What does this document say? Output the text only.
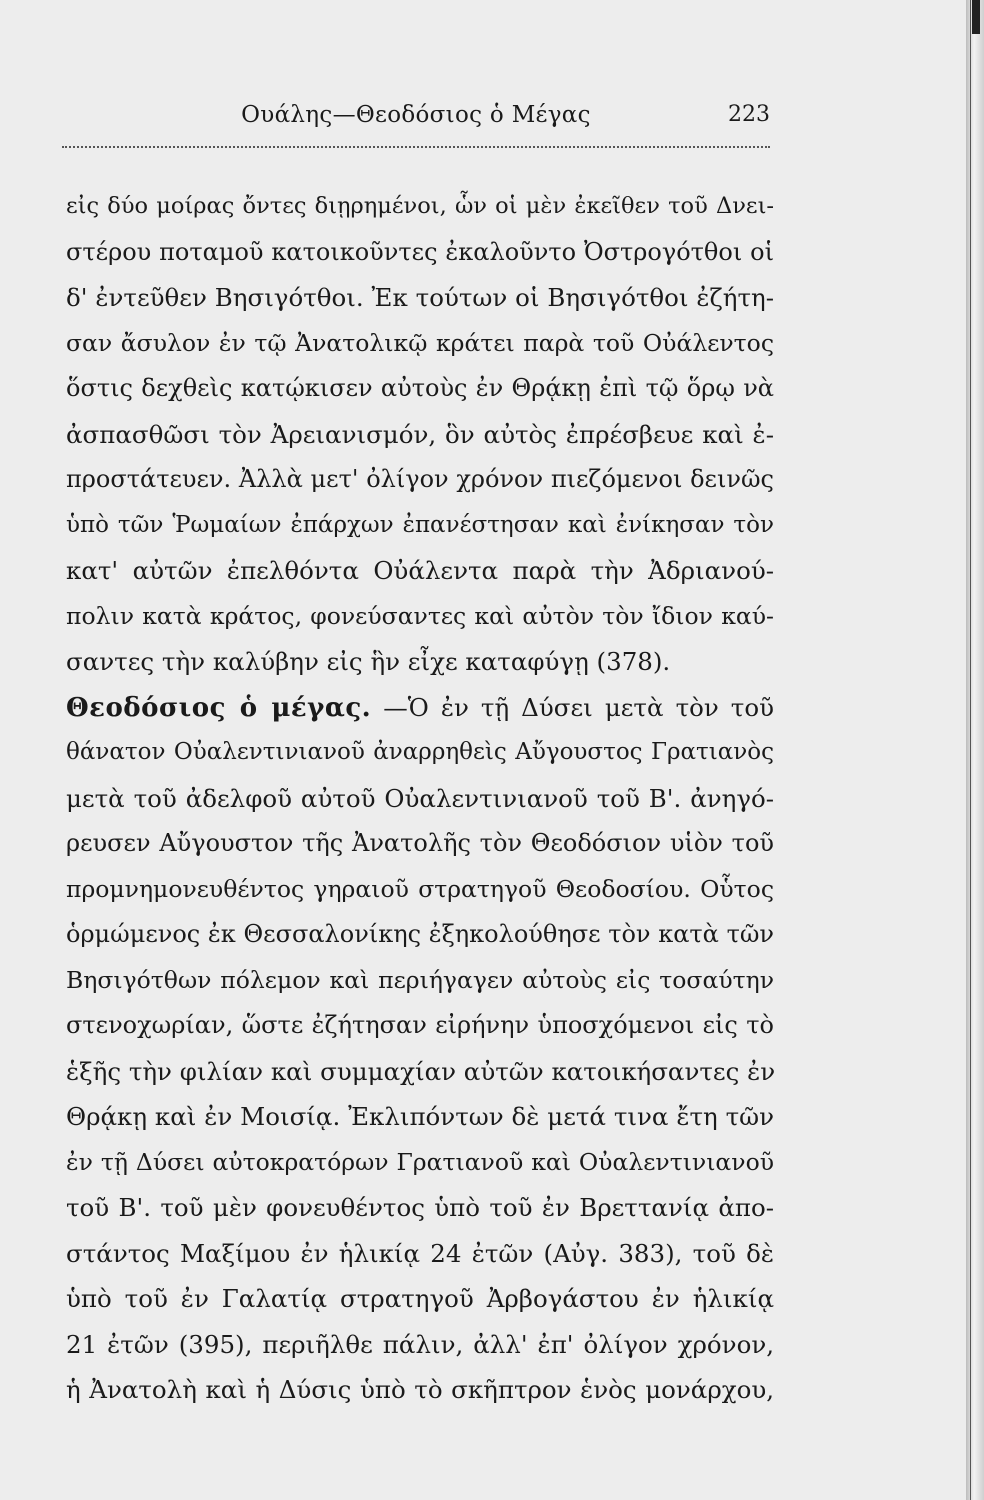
Ουάλης—Θεοδόσιος ὁ Μέγας	223
εἰς δύο μοίρας ὄντες διῃρημένοι, ὧν οἱ μὲν ἐκεῖθεν τοῦ Δνει-
στέρου ποταμοῦ κατοικοῦντες ἐκαλοῦντο Ὀστρογότθοι οἱ
δ' ἐντεῦθεν Βησιγότθοι. Ἐκ τούτων οἱ Βησιγότθοι ἐζήτη-
σαν ἄσυλον ἐν τῷ Ἀνατολικῷ κράτει παρὰ τοῦ Οὐάλεντος
ὅστις δεχθεὶς κατῴκισεν αὐτοὺς ἐν Θρᾴκῃ ἐπὶ τῷ ὅρῳ νὰ
ἀσπασθῶσι τὸν Ἀρειανισμόν, ὃν αὐτὸς ἐπρέσβευε καὶ ἐ-
προστάτευεν. Ἀλλὰ μετ' ὀλίγον χρόνον πιεζόμενοι δεινῶς
ὑπὸ τῶν Ῥωμαίων ἐπάρχων ἐπανέστησαν καὶ ἐνίκησαν τὸν
κατ' αὐτῶν ἐπελθόντα Οὐάλεντα παρὰ τὴν Ἀδριανού-
πολιν κατὰ κράτος, φονεύσαντες καὶ αὐτὸν τὸν ἴδιον καύ-
σαντες τὴν καλύβην εἰς ἣν εἶχε καταφύγῃ (378).
Θεοδόσιος ὁ μέγας. —Ὁ ἐν τῇ Δύσει μετὰ τὸν τοῦ
θάνατον Οὐαλεντινιανοῦ ἀναρρηθεὶς Αὔγουστος Γρατιανὸς
μετὰ τοῦ ἀδελφοῦ αὐτοῦ Οὐαλεντινιανοῦ τοῦ Β'. ἀνηγό-
ρευσεν Αὔγουστον τῆς Ἀνατολῆς τὸν Θεοδόσιον υἱὸν τοῦ
προμνημονευθέντος γηραιοῦ στρατηγοῦ Θεοδοσίου. Οὗτος
ὁρμώμενος ἐκ Θεσσαλονίκης ἐξηκολούθησε τὸν κατὰ τῶν
Βησιγότθων πόλεμον καὶ περιήγαγεν αὐτοὺς εἰς τοσαύτην
στενοχωρίαν, ὥστε ἐζήτησαν εἰρήνην ὑποσχόμενοι εἰς τὸ
ἑξῆς τὴν φιλίαν καὶ συμμαχίαν αὐτῶν κατοικήσαντες ἐν
Θρᾴκῃ καὶ ἐν Μοισίᾳ. Ἐκλιπόντων δὲ μετά τινα ἔτη τῶν
ἐν τῇ Δύσει αὐτοκρατόρων Γρατιανοῦ καὶ Οὐαλεντινιανοῦ
τοῦ Β'. τοῦ μὲν φονευθέντος ὑπὸ τοῦ ἐν Βρεττανίᾳ ἀπο-
στάντος Μαξίμου ἐν ἡλικίᾳ 24 ἐτῶν (Αὐγ. 383), τοῦ δὲ
ὑπὸ τοῦ ἐν Γαλατίᾳ στρατηγοῦ Ἀρβογάστου ἐν ἡλικίᾳ
21 ἐτῶν (395), περιῆλθε πάλιν, ἀλλ' ἐπ' ὀλίγον χρόνον,
ἡ Ἀνατολὴ καὶ ἡ Δύσις ὑπὸ τὸ σκῆπτρον ἑνὸς μονάρχου,
